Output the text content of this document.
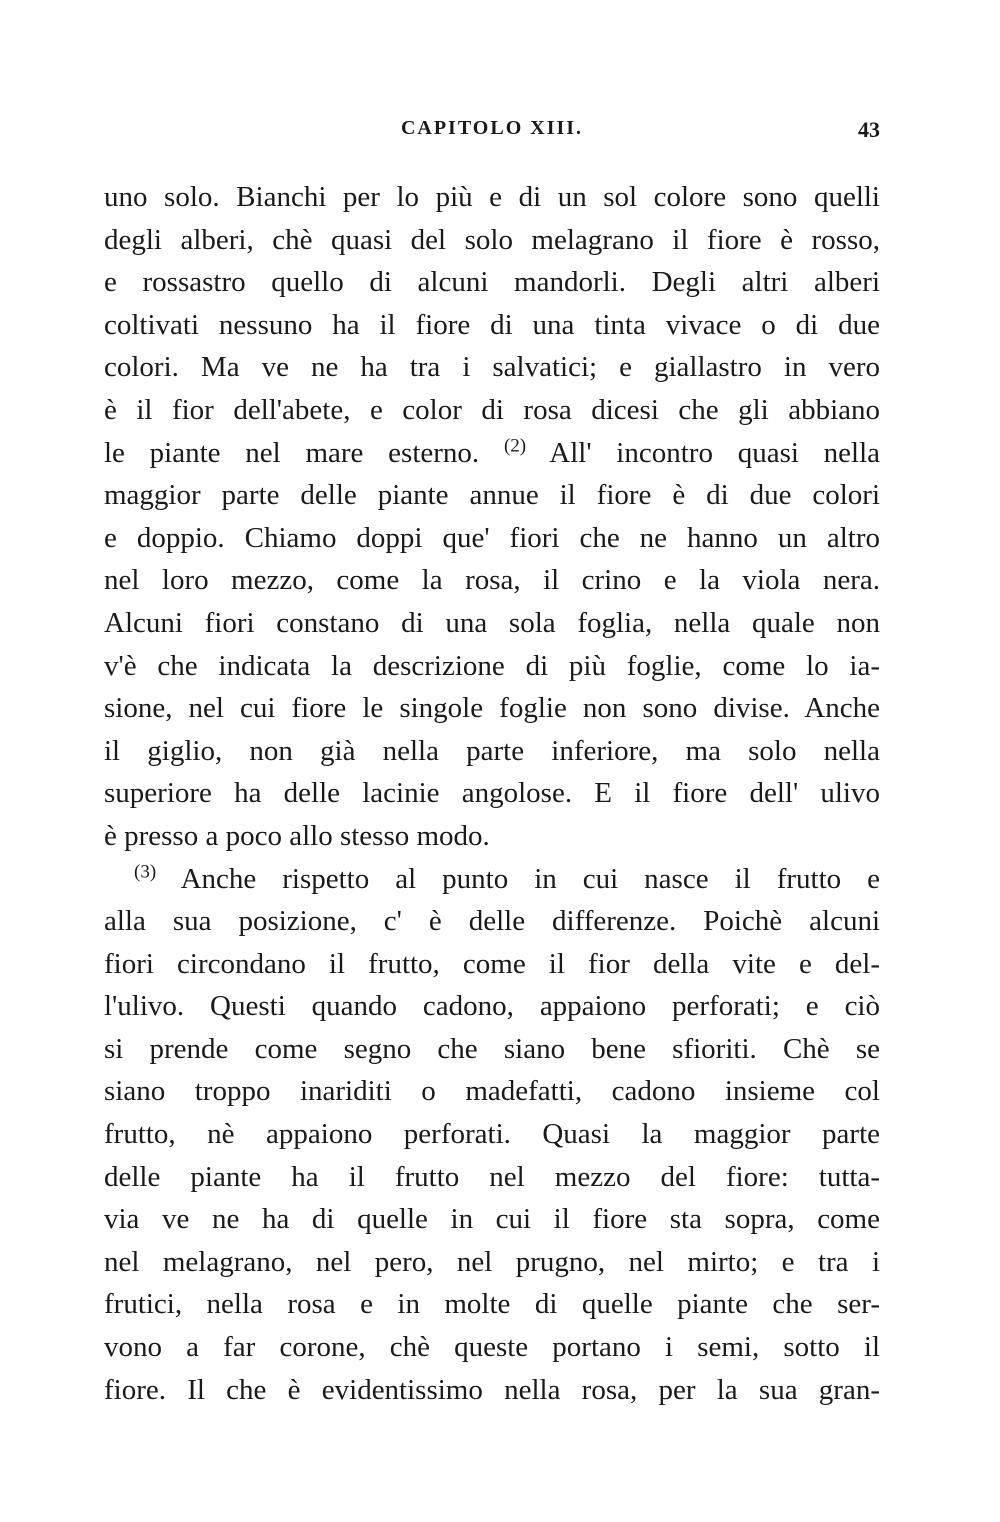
CAPITOLO XIII.	43
uno solo. Bianchi per lo più e di un sol colore sono quelli
degli alberi, chè quasi del solo melagrano il fiore è rosso,
e rossastro quello di alcuni mandorli. Degli altri alberi
coltivati nessuno ha il fiore di una tinta vivace o di due
colori. Ma ve ne ha tra i salvatici; e giallastro in vero
è il fior dell'abete, e color di rosa dicesi che gli abbiano
le piante nel mare esterno. $^{(2)}$ All' incontro quasi nella
maggior parte delle piante annue il fiore è di due colori
e doppio. Chiamo doppi que' fiori che ne hanno un altro
nel loro mezzo, come la rosa, il crino e la viola nera.
Alcuni fiori constano di una sola foglia, nella quale non
v'è che indicata la descrizione di più foglie, come lo ia-
sione, nel cui fiore le singole foglie non sono divise. Anche
il giglio, non già nella parte inferiore, ma solo nella
superiore ha delle lacinie angolose. E il fiore dell' ulivo
è presso a poco allo stesso modo.
$^{(3)}$ Anche rispetto al punto in cui nasce il frutto e
alla sua posizione, c' è delle differenze. Poichè alcuni
fiori circondano il frutto, come il fior della vite e del-
l'ulivo. Questi quando cadono, appaiono perforati; e ciò
si prende come segno che siano bene sfioriti. Chè se
siano troppo inariditi o madefatti, cadono insieme col
frutto, nè appaiono perforati. Quasi la maggior parte
delle piante ha il frutto nel mezzo del fiore: tutta-
via ve ne ha di quelle in cui il fiore sta sopra, come
nel melagrano, nel pero, nel prugno, nel mirto; e tra i
frutici, nella rosa e in molte di quelle piante che ser-
vono a far corone, chè queste portano i semi, sotto il
fiore. Il che è evidentissimo nella rosa, per la sua gran-
